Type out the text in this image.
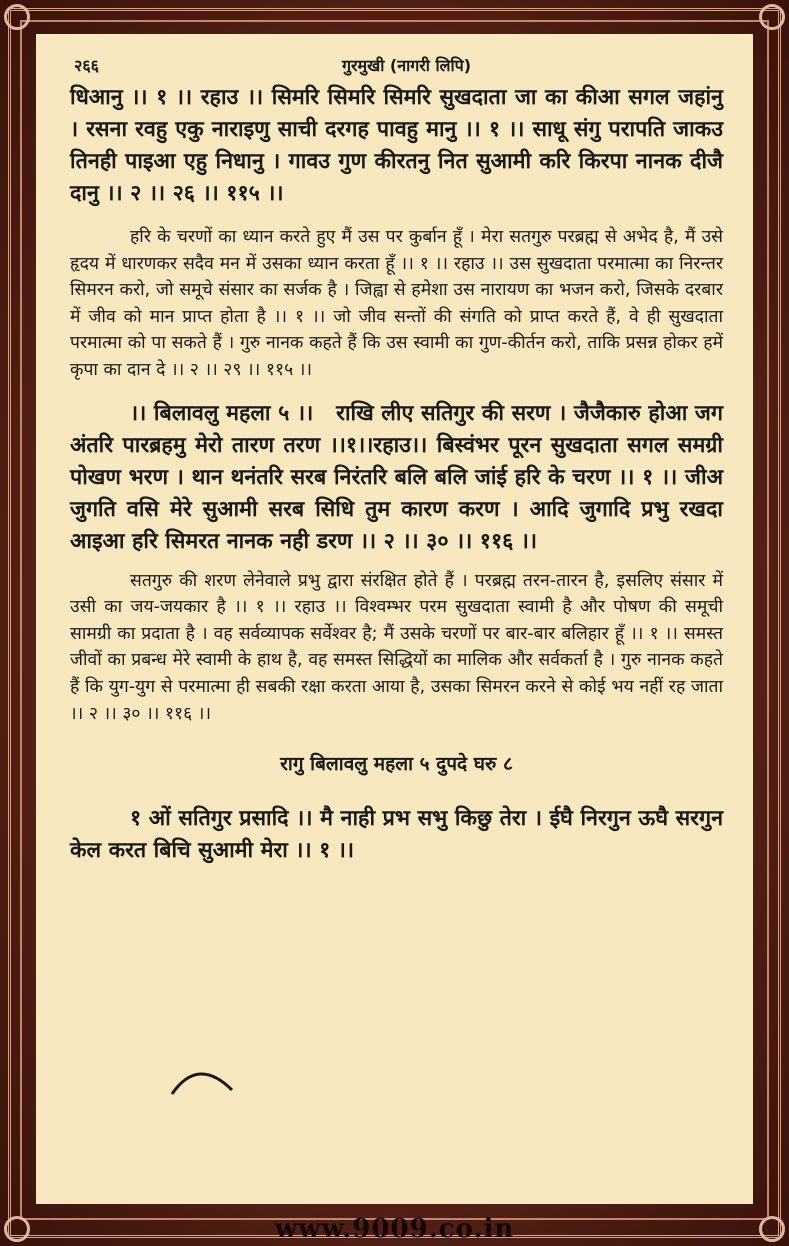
२६६	गुरमुखी (नागरी लिपि)

धिआनु ।। १ ।। रहाउ ।। सिमरि सिमरि सिमरि सुखदाता जा का कीआ सगल जहांनु । रसना रवहु एकु नाराइणु साची दरगह पावहु मानु ।। १ ।। साधू संगु परापति जाकउ तिनही पाइआ एहु निधानु । गावउ गुण कीरतनु नित सुआमी करि किरपा नानक दीजै दानु ।। २ ।। २६ ।। ११५ ।।

हरि के चरणों का ध्यान करते हुए मैं उस पर कुर्बान हूँ । मेरा सतगुरु परब्रह्म से अभेद है, मैं उसे हृदय में धारणकर सदैव मन में उसका ध्यान करता हूँ ।। १ ।। रहाउ ।। उस सुखदाता परमात्मा का निरन्तर सिमरन करो, जो समूचे संसार का सर्जक है । जिह्वा से हमेशा उस नारायण का भजन करो, जिसके दरबार में जीव को मान प्राप्त होता है ।। १ ।। जो जीव सन्तों की संगति को प्राप्त करते हैं, वे ही सुखदाता परमात्मा को पा सकते हैं । गुरु नानक कहते हैं कि उस स्वामी का गुण-कीर्तन करो, ताकि प्रसन्न होकर हमें कृपा का दान दे ।। २ ।। २९ ।। ११५ ।।

।। बिलावलु महला ५ ।। राखि लीए सतिगुर की सरण । जैजैकारु होआ जग अंतरि पारब्रहमु मेरो तारण तरण ।।१।।रहाउ।। बिस्वंभर पूरन सुखदाता सगल समग्री पोखण भरण । थान थनंतरि सरब निरंतरि बलि बलि जांई हरि के चरण ।। १ ।। जीअ जुगति वसि मेरे सुआमी सरब सिधि तुम कारण करण । आदि जुगादि प्रभु रखदा आइआ हरि सिमरत नानक नही डरण ।। २ ।। ३० ।। ११६ ।।

सतगुरु की शरण लेनेवाले प्रभु द्वारा संरक्षित होते हैं । परब्रह्म तरन-तारन है, इसलिए संसार में उसी का जय-जयकार है ।। १ ।। रहाउ ।। विश्वम्भर परम सुखदाता स्वामी है और पोषण की समूची सामग्री का प्रदाता है । वह सर्वव्यापक सर्वेश्वर है; मैं उसके चरणों पर बार-बार बलिहार हूँ ।। १ ।। समस्त जीवों का प्रबन्ध मेरे स्वामी के हाथ है, वह समस्त सिद्धियों का मालिक और सर्वकर्ता है । गुरु नानक कहते हैं कि युग-युग से परमात्मा ही सबकी रक्षा करता आया है, उसका सिमरन करने से कोई भय नहीं रह जाता ।। २ ।। ३० ।। ११६ ।।

रागु बिलावलु महला ५ दुपदे घरु ८

१ ओं सतिगुर प्रसादि ।। मै नाही प्रभ सभु किछु तेरा । ईघै निरगुन ऊघै सरगुन केल करत बिचि सुआमी मेरा ।। १ ।।

www.9009.co.in
